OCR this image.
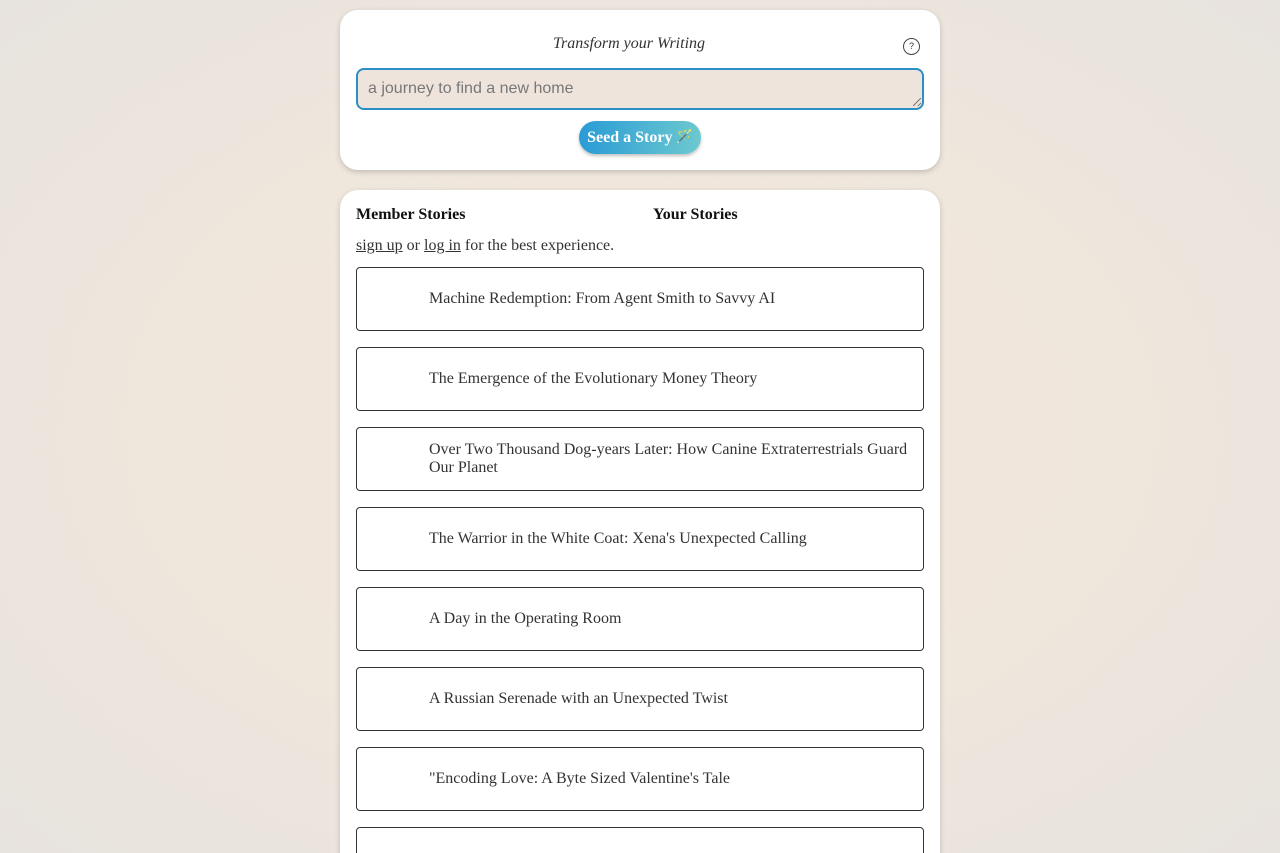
Transform your Writing	?
a journey to find a new home
Seed a Story 🪄
Member Stories	Your Stories
sign up or log in for the best experience.
Machine Redemption: From Agent Smith to Savvy AI
The Emergence of the Evolutionary Money Theory
Over Two Thousand Dog-years Later: How Canine Extraterrestrials Guard Our Planet
The Warrior in the White Coat: Xena's Unexpected Calling
A Day in the Operating Room
A Russian Serenade with an Unexpected Twist
"Encoding Love: A Byte Sized Valentine's Tale
